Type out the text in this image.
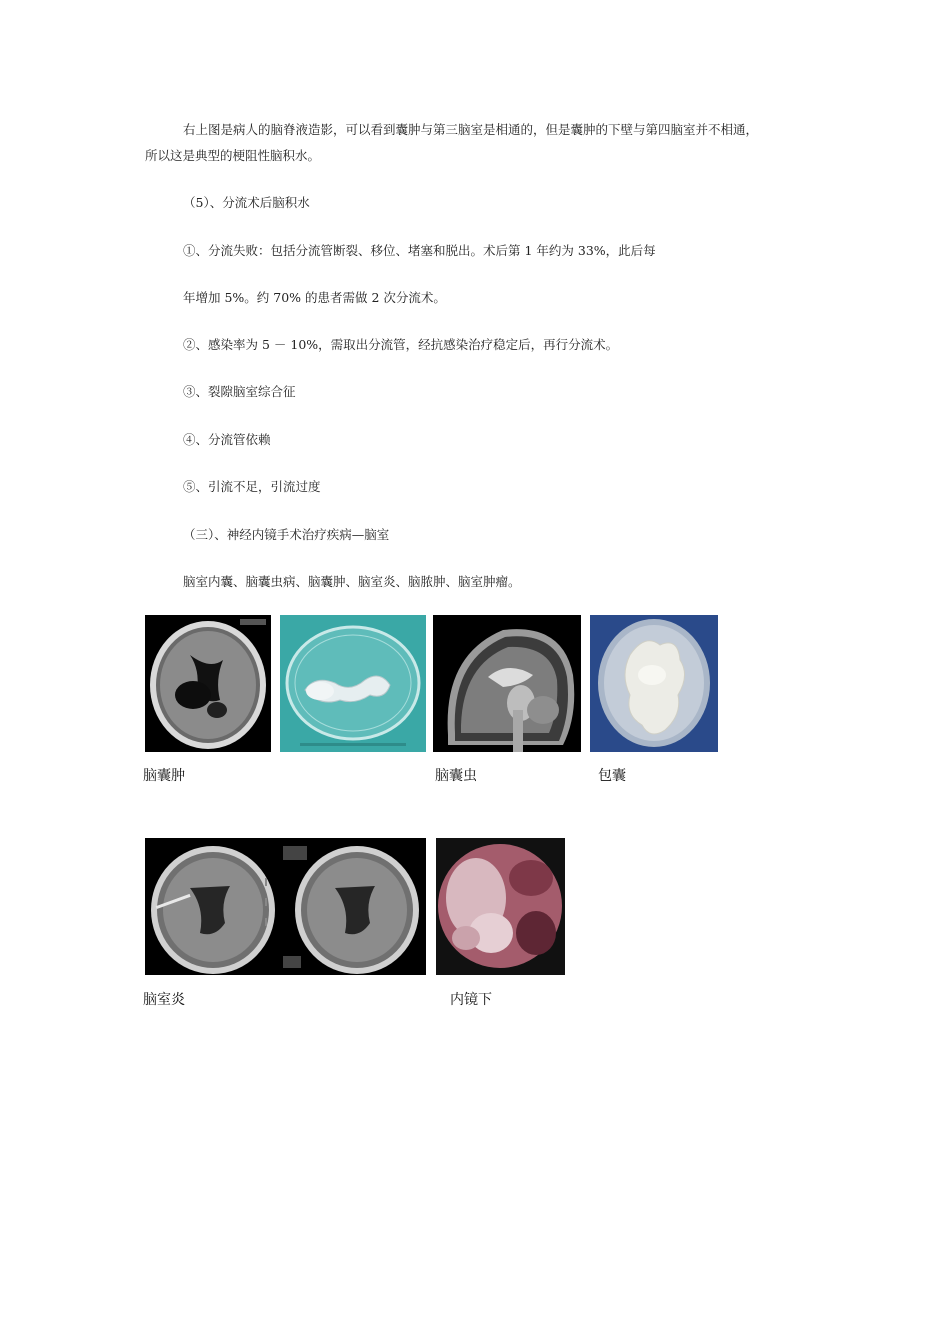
右上图是病人的脑脊液造影，可以看到囊肿与第三脑室是相通的，但是囊肿的下壁与第四脑室并不相通，
所以这是典型的梗阻性脑积水。
（5）、分流术后脑积水
①、分流失败：包括分流管断裂、移位、堵塞和脱出。术后第 1 年约为 33%，此后每
年增加 5%。约 70% 的患者需做 2 次分流术。
②、感染率为 5 － 10%，需取出分流管，经抗感染治疗稳定后，再行分流术。
③、裂隙脑室综合征
④、分流管依赖
⑤、引流不足，引流过度
（三）、神经内镜手术治疗疾病—脑室
脑室内囊、脑囊虫病、脑囊肿、脑室炎、脑脓肿、脑室肿瘤。
脑囊肿	脑囊虫	包囊
脑室炎	内镜下
